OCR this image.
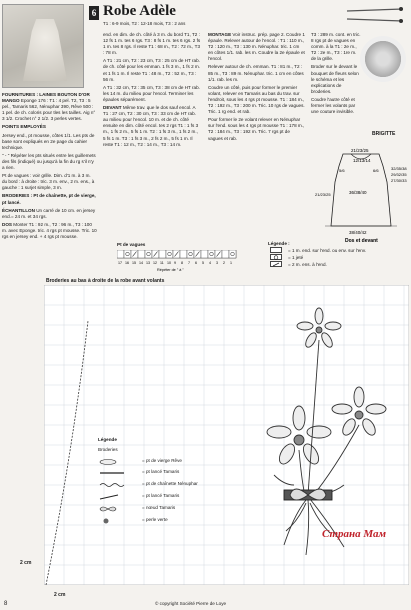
6 Robe Adèle
T1 : 6-9 mois, T2 : 12-18 mois, T3 : 2 ans

FOURNITURES : LAINES BOUTON D'OR MANGO Eponge 176 : T1 : 4 pel. T2, T3 : 5 pel., Tamaris 562, Nénuphar 390, Rêve 500 : 1 pel. de ch. coloris pour tles les tailles. Aig n° 3 1/2. Crochet n° 2 1/2. 3 perles vertes.

POINTS EMPLOYÉS

Jersey end., pt mousse, côtes 1/1. Les pts de base sont expliqués en 2e page du cahier technique.

" - " Répéter les pts situés entre les guillemets des fils (indiqué) ou jusqu'à la fin du rg s'il n'y a rien.

Pt de vagues : voir grille. Dim. d'1 m. à 3 m. du bord : à droite : tric. 3 m. env., 2 m. ens., à gauche : 1 surjet simple, 3 m.

BRODERIES : Pt de chaînette, pt de vierge, pt lancé.

ÉCHANTILLON Un carré de 10 cm. en jersey end.= 24 m. et 34 rgs.

DOS Monter T1 : 92 m., T2 : 96 m., T3 : 100 m. avec Eponge. tric. 4 rgs pt mousse. Tric. 10 rgs en jersey end. + 4 rgs pt mousse.

end. en dim. de ch. côté à 3 m. du bord T1, T2 : 12 fs 1 m. tes 6 rgs. T3 : 8 fs 1 m. tes 6 rgs. 2 fs 1 m. tes 8 rgs. Il reste T1 : 68 m., T2 : 72 m., T3 : 78 m.

A T1 : 21 cm, T2 : 23 cm, T3 : 25 cm de HT rab. de ch. côté pour les emman. 1 fs 3 m., 1 fs 2 m. et 1 fs 1 m. Il reste T1 : 48 m., T2 : 52 m., T3 : 56 m.

A T1 : 32 cm, T2 : 35 cm, T3 : 38 cm de HT rab. les 14 m. du milieu pour l'encol. Terminer les épaules séparément.

DEVANT Même trav. que le dos sauf encol. A T1 : 27 cm, T2 : 30 cm, T3 : 33 cm de HT rab. au milieu pour l'encol. 10 m. et de ch. côté ensuite en dim. côté encol. tes 2 rgs T1 : 1 fs 3 m., 1 fs 2 m., 5 fs 1 m. T2 : 1 fs 3 m., 1 fs 2 m., 5 fs 1 m. T3 : 1 fs 3 m., 2 fs 2 m., 5 fs 1 m. Il reste T1 : 12 m., T2 : 14 m., T3 : 14 m.

MONTAGE Voir instruc. prép. page 2. Coudre 1 épaule. Relever autour de l'encol. : T1 : 110 m., T2 : 120 m., T3 : 130 m. Nénuphar. tric. 1 cm en côtes 1/1. rab. les m. Coudre la 2e épaule et l'encol.

Relever autour de ch. emman. T1 : 81 m., T2 : 85 m., T3 : 89 m. Nénuphar. tric. 1 cm en côtes 1/1. rab. les m.

Coudre un côté, puis pour former le premier volant, relever en Tamaris au bas du trav. sur l'endroit, sous les 4 rgs pt mousse. T1 : 184 m., T2 : 192 m., T3 : 200 m. Tric. 10 rgs de vagues. Tric. 1 rg end. et rab.

Pour former le 2e volant relever en Nénuphar sur l'end. sous les 4 rgs pt mousse T1 : 178 m., T2 : 184 m., T3 : 192 m. Tric. 7 rgs pt de vagues et rab.

T3 : 289 m. cont. en tric. 8 rgs pt de vagues en comm. à la T1 : 2e m., T2 : 2e m., T3 : 1re m. de la grille.

Broder sur le devant le bouquet de fleurs selon le schéma et les explications de broderies.

Coudre l'autre côté et fermer les volants par une couture invisible.

BRIGITTE
21/23/25
12/13/14
5/6	6/6	32/35/38
29/32/35
27/30/33
21/23/25	36/38/40
38/40/42
Dos et devant
Pt de vagues
17 16 15 14 13 12 11 10 9 8 7 6 5 4 3 2 1
Répéter de " à "
Légende :
= 1 m. end. sur l'end. ou env. sur l'env.
= 1 jeté
= 2 m. ens. à l'end.
Broderies au bas à droite de la robe avant volants
Légende
Broderies
= pt de vierge Rêve
= pt lancé Tamaris
= pt de chaînette Nénuphar
= pt lancé Tamaris
= nœud Tamaris
= perle verte
2 cm
2 cm
Страна Мам
8	© copyright Société Pierre de Loye
